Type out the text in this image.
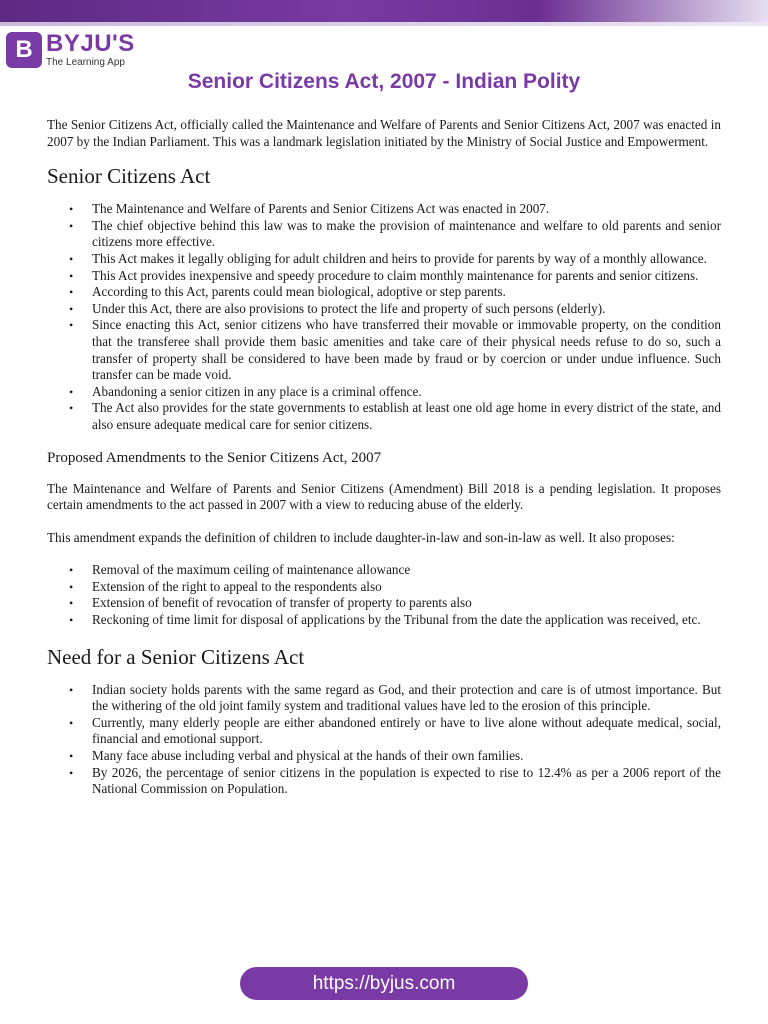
B BYJU'S
The Learning App
Senior Citizens Act, 2007 - Indian Polity

The Senior Citizens Act, officially called the Maintenance and Welfare of Parents and Senior Citizens Act, 2007 was enacted in 2007 by the Indian Parliament. This was a landmark legislation initiated by the Ministry of Social Justice and Empowerment.

Senior Citizens Act
• The Maintenance and Welfare of Parents and Senior Citizens Act was enacted in 2007.
• The chief objective behind this law was to make the provision of maintenance and welfare to old parents and senior citizens more effective.
• This Act makes it legally obliging for adult children and heirs to provide for parents by way of a monthly allowance.
• This Act provides inexpensive and speedy procedure to claim monthly maintenance for parents and senior citizens.
• According to this Act, parents could mean biological, adoptive or step parents.
• Under this Act, there are also provisions to protect the life and property of such persons (elderly).
• Since enacting this Act, senior citizens who have transferred their movable or immovable property, on the condition that the transferee shall provide them basic amenities and take care of their physical needs refuse to do so, such a transfer of property shall be considered to have been made by fraud or by coercion or under undue influence. Such transfer can be made void.
• Abandoning a senior citizen in any place is a criminal offence.
• The Act also provides for the state governments to establish at least one old age home in every district of the state, and also ensure adequate medical care for senior citizens.
Proposed Amendments to the Senior Citizens Act, 2007

The Maintenance and Welfare of Parents and Senior Citizens (Amendment) Bill 2018 is a pending legislation. It proposes certain amendments to the act passed in 2007 with a view to reducing abuse of the elderly.

This amendment expands the definition of children to include daughter-in-law and son-in-law as well. It also proposes:

• Removal of the maximum ceiling of maintenance allowance
• Extension of the right to appeal to the respondents also
• Extension of benefit of revocation of transfer of property to parents also
• Reckoning of time limit for disposal of applications by the Tribunal from the date the application was received, etc.
Need for a Senior Citizens Act
• Indian society holds parents with the same regard as God, and their protection and care is of utmost importance. But the withering of the old joint family system and traditional values have led to the erosion of this principle.
• Currently, many elderly people are either abandoned entirely or have to live alone without adequate medical, social, financial and emotional support.
• Many face abuse including verbal and physical at the hands of their own families.
• By 2026, the percentage of senior citizens in the population is expected to rise to 12.4% as per a 2006 report of the National Commission on Population.
https://byjus.com
